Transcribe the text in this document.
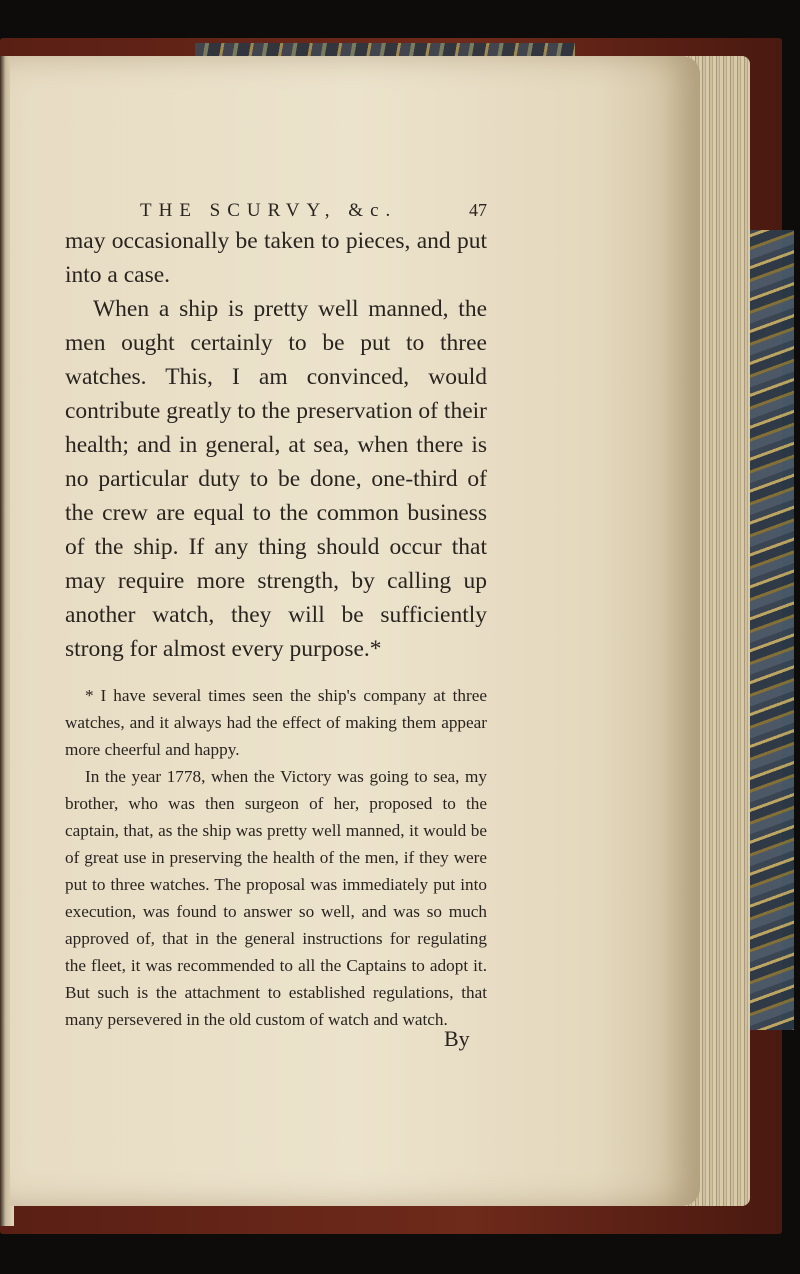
THE SCURVY, &c.	47

may occasionally be taken to pieces, and put into a case.

When a ship is pretty well manned, the men ought certainly to be put to three watches. This, I am convinced, would contribute greatly to the preservation of their health; and in general, at sea, when there is no particular duty to be done, one-third of the crew are equal to the common business of the ship. If any thing should occur that may require more strength, by calling up another watch, they will be sufficiently strong for almost every purpose.*

* I have several times seen the ship's company at three watches, and it always had the effect of making them appear more cheerful and happy.

In the year 1778, when the Victory was going to sea, my brother, who was then surgeon of her, proposed to the captain, that, as the ship was pretty well manned, it would be of great use in preserving the health of the men, if they were put to three watches. The proposal was immediately put into execution, was found to answer so well, and was so much approved of, that in the general instructions for regulating the fleet, it was recommended to all the Captains to adopt it. But such is the attachment to established regulations, that many persevered in the old custom of watch and watch.

By
